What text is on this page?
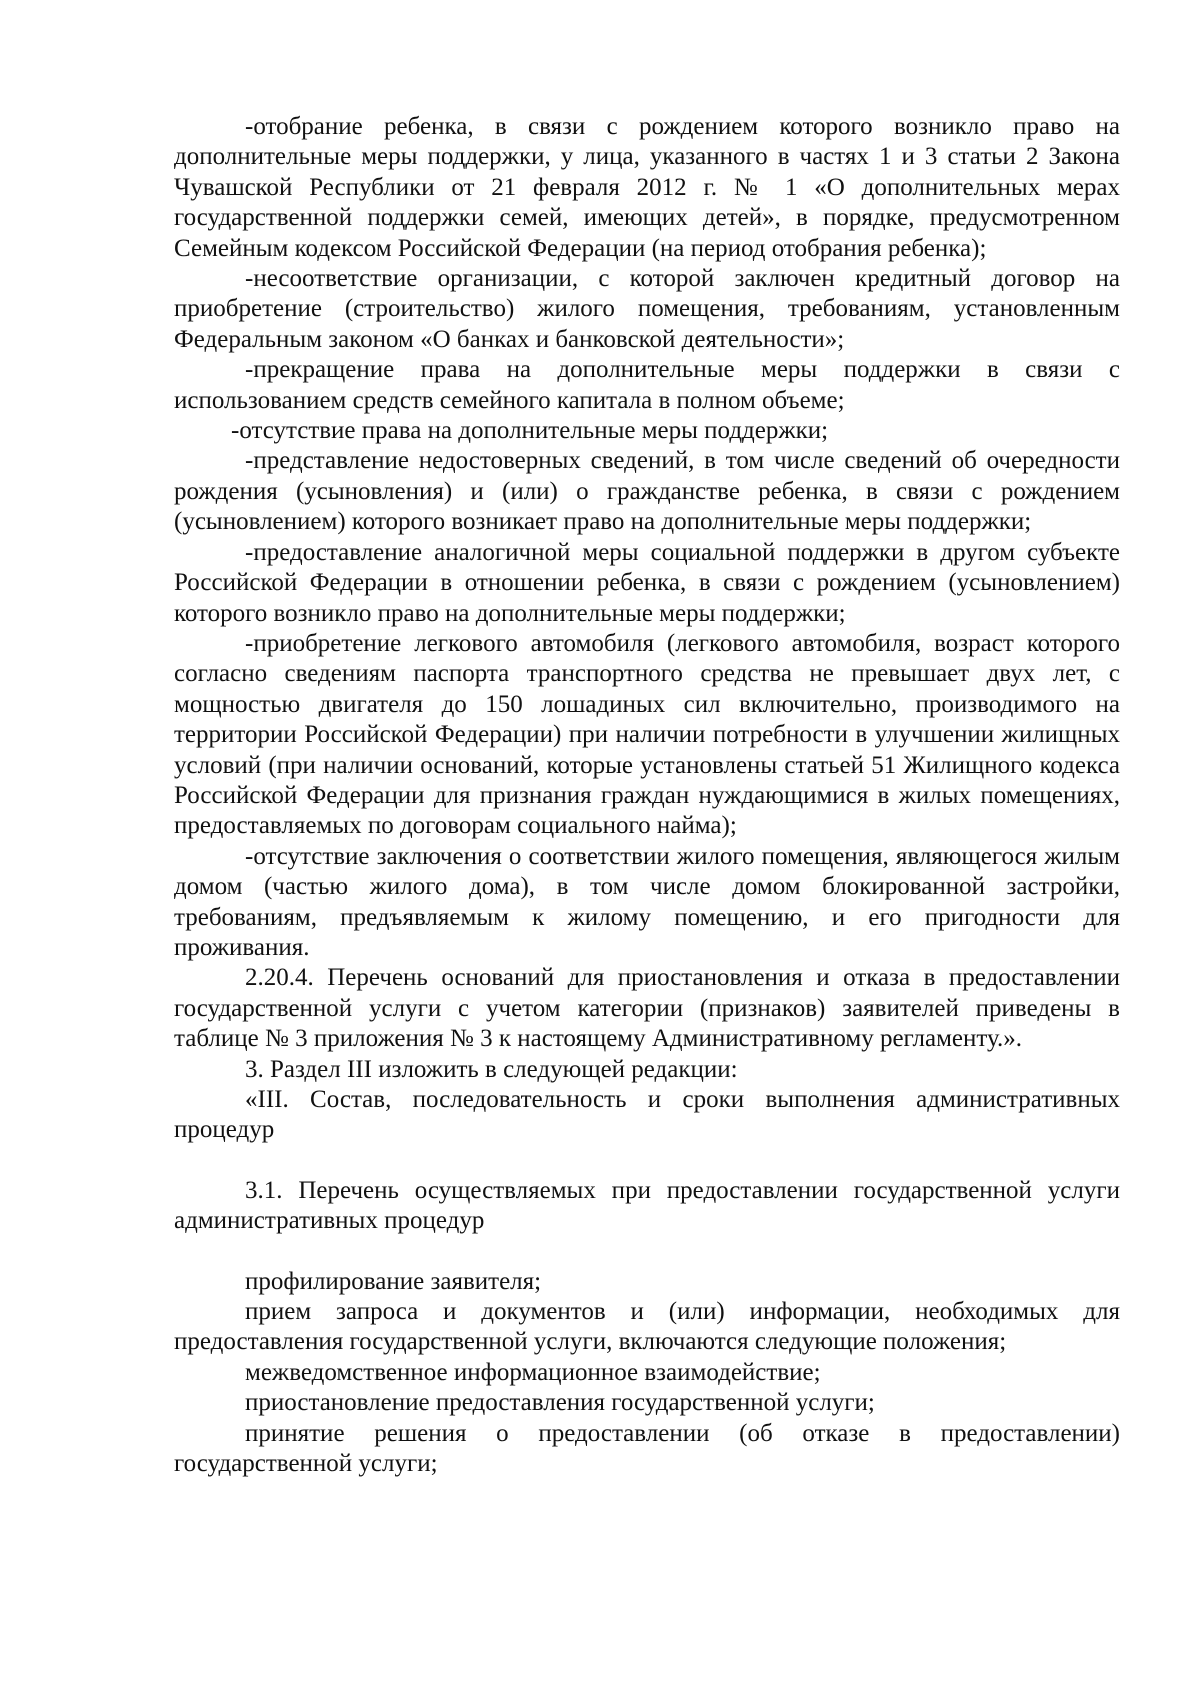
-отобрание ребенка, в связи с рождением которого возникло право на дополнительные меры поддержки, у лица, указанного в частях 1 и 3 статьи 2 Закона Чувашской Республики от 21 февраля 2012 г. № 1 «О дополнительных мерах государственной поддержки семей, имеющих детей», в порядке, предусмотренном Семейным кодексом Российской Федерации (на период отобрания ребенка);

-несоответствие организации, с которой заключен кредитный договор на приобретение (строительство) жилого помещения, требованиям, установленным Федеральным законом «О банках и банковской деятельности»;

-прекращение права на дополнительные меры поддержки в связи с использованием средств семейного капитала в полном объеме;

-отсутствие права на дополнительные меры поддержки;

-представление недостоверных сведений, в том числе сведений об очередности рождения (усыновления) и (или) о гражданстве ребенка, в связи с рождением (усыновлением) которого возникает право на дополнительные меры поддержки;

-предоставление аналогичной меры социальной поддержки в другом субъекте Российской Федерации в отношении ребенка, в связи с рождением (усыновлением) которого возникло право на дополнительные меры поддержки;

-приобретение легкового автомобиля (легкового автомобиля, возраст которого согласно сведениям паспорта транспортного средства не превышает двух лет, с мощностью двигателя до 150 лошадиных сил включительно, производимого на территории Российской Федерации) при наличии потребности в улучшении жилищных условий (при наличии оснований, которые установлены статьей 51 Жилищного кодекса Российской Федерации для признания граждан нуждающимися в жилых помещениях, предоставляемых по договорам социального найма);

-отсутствие заключения о соответствии жилого помещения, являющегося жилым домом (частью жилого дома), в том числе домом блокированной застройки, требованиям, предъявляемым к жилому помещению, и его пригодности для проживания.

2.20.4. Перечень оснований для приостановления и отказа в предоставлении государственной услуги с учетом категории (признаков) заявителей приведены в таблице № 3 приложения № 3 к настоящему Административному регламенту.».

3. Раздел III изложить в следующей редакции:

«III. Состав, последовательность и сроки выполнения административных процедур

3.1. Перечень осуществляемых при предоставлении государственной услуги административных процедур

профилирование заявителя;

прием запроса и документов и (или) информации, необходимых для предоставления государственной услуги, включаются следующие положения;

межведомственное информационное взаимодействие;

приостановление предоставления государственной услуги;

принятие решения о предоставлении (об отказе в предоставлении) государственной услуги;
